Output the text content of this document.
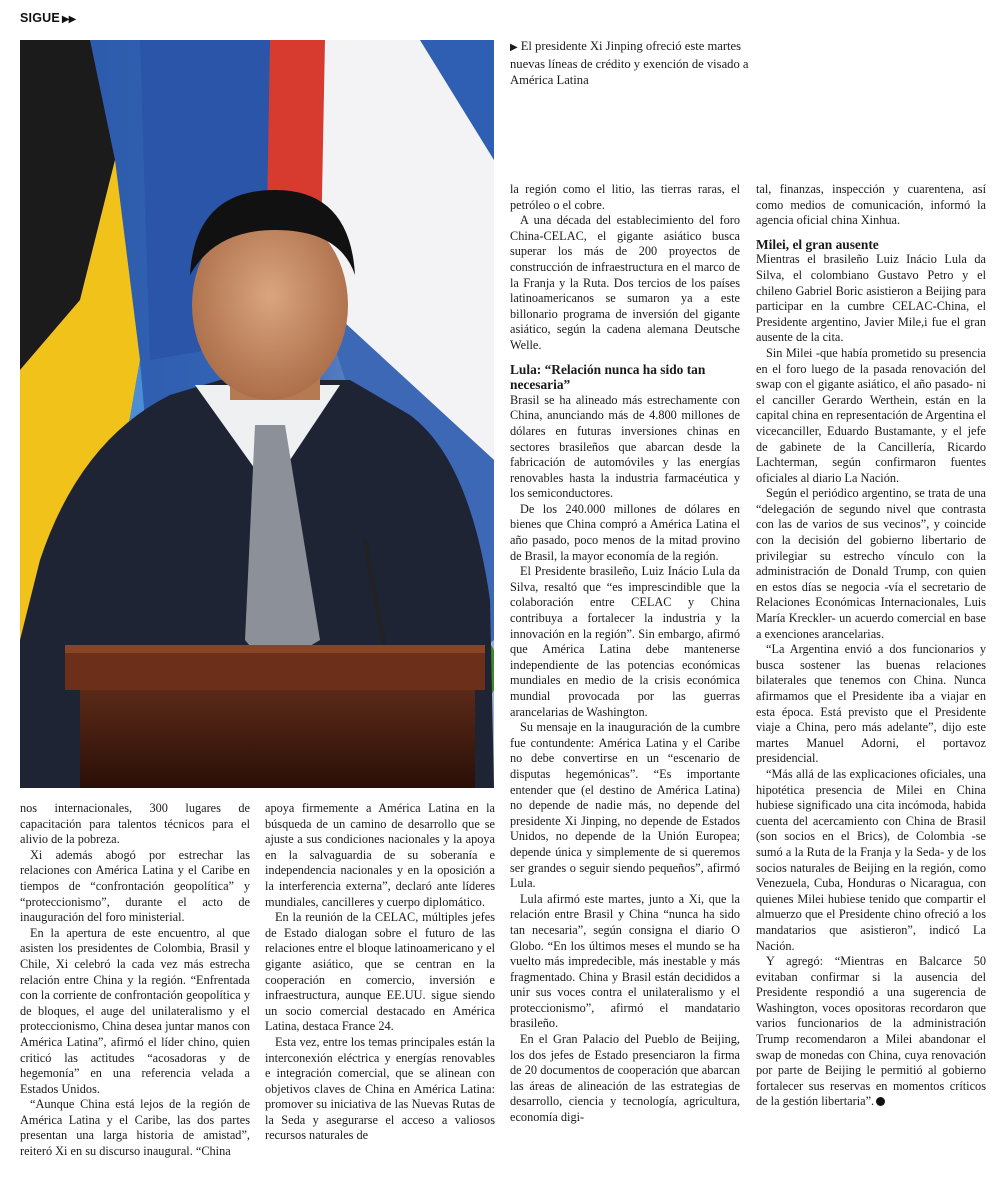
SIGUE ▶▶
▶ El presidente Xi Jinping ofreció este martes nuevas líneas de crédito y exención de visado a América Latina

la región como el litio, las tierras raras, el petróleo o el cobre.

A una década del establecimiento del foro China-CELAC, el gigante asiático busca superar los más de 200 proyectos de construcción de infraestructura en el marco de la Franja y la Ruta. Dos tercios de los países latinoamericanos se sumaron ya a este billonario programa de inversión del gigante asiático, según la cadena alemana Deutsche Welle.

Lula: “Relación nunca ha sido tan necesaria”

Brasil se ha alineado más estrechamente con China, anunciando más de 4.800 millones de dólares en futuras inversiones chinas en sectores brasileños que abarcan desde la fabricación de automóviles y las energías renovables hasta la industria farmacéutica y los semiconductores.

De los 240.000 millones de dólares en bienes que China compró a América Latina el año pasado, poco menos de la mitad provino de Brasil, la mayor economía de la región.

El Presidente brasileño, Luiz Inácio Lula da Silva, resaltó que “es imprescindible que la colaboración entre CELAC y China contribuya a fortalecer la industria y la innovación en la región”. Sin embargo, afirmó que América Latina debe mantenerse independiente de las potencias económicas mundiales en medio de la crisis económica mundial provocada por las guerras arancelarias de Washington.

Su mensaje en la inauguración de la cumbre fue contundente: América Latina y el Caribe no debe convertirse en un “escenario de disputas hegemónicas”. “Es importante entender que (el destino de América Latina) no depende de nadie más, no depende del presidente Xi Jinping, no depende de Estados Unidos, no depende de la Unión Europea; depende única y simplemente de si queremos ser grandes o seguir siendo pequeños”, afirmó Lula.

Lula afirmó este martes, junto a Xi, que la relación entre Brasil y China “nunca ha sido tan necesaria”, según consigna el diario O Globo. “En los últimos meses el mundo se ha vuelto más impredecible, más inestable y más fragmentado. China y Brasil están decididos a unir sus voces contra el unilateralismo y el proteccionismo”, afirmó el mandatario brasileño.

En el Gran Palacio del Pueblo de Beijing, los dos jefes de Estado presenciaron la firma de 20 documentos de cooperación que abarcan las áreas de alineación de las estrategias de desarrollo, ciencia y tecnología, agricultura, economía digi-

tal, finanzas, inspección y cuarentena, así como medios de comunicación, informó la agencia oficial china Xinhua.

Milei, el gran ausente

Mientras el brasileño Luiz Inácio Lula da Silva, el colombiano Gustavo Petro y el chileno Gabriel Boric asistieron a Beijing para participar en la cumbre CELAC-China, el Presidente argentino, Javier Mile,i fue el gran ausente de la cita.

Sin Milei -que había prometido su presencia en el foro luego de la pasada renovación del swap con el gigante asiático, el año pasado- ni el canciller Gerardo Werthein, están en la capital china en representación de Argentina el vicecanciller, Eduardo Bustamante, y el jefe de gabinete de la Cancillería, Ricardo Lachterman, según confirmaron fuentes oficiales al diario La Nación.

Según el periódico argentino, se trata de una “delegación de segundo nivel que contrasta con las de varios de sus vecinos”, y coincide con la decisión del gobierno libertario de privilegiar su estrecho vínculo con la administración de Donald Trump, con quien en estos días se negocia -vía el secretario de Relaciones Económicas Internacionales, Luis María Kreckler- un acuerdo comercial en base a exenciones arancelarias.

“La Argentina envió a dos funcionarios y busca sostener las buenas relaciones bilaterales que tenemos con China. Nunca afirmamos que el Presidente iba a viajar en esta época. Está previsto que el Presidente viaje a China, pero más adelante”, dijo este martes Manuel Adorni, el portavoz presidencial.

“Más allá de las explicaciones oficiales, una hipotética presencia de Milei en China hubiese significado una cita incómoda, habida cuenta del acercamiento con China de Brasil (son socios en el Brics), de Colombia -se sumó a la Ruta de la Franja y la Seda- y de los socios naturales de Beijing en la región, como Venezuela, Cuba, Honduras o Nicaragua, con quienes Milei hubiese tenido que compartir el almuerzo que el Presidente chino ofreció a los mandatarios que asistieron”, indicó La Nación.

Y agregó: “Mientras en Balcarce 50 evitaban confirmar si la ausencia del Presidente respondió a una sugerencia de Washington, voces opositoras recordaron que varios funcionarios de la administración Trump recomendaron a Milei abandonar el swap de monedas con China, cuya renovación por parte de Beijing le permitió al gobierno fortalecer sus reservas en momentos críticos de la gestión libertaria”.

nos internacionales, 300 lugares de capacitación para talentos técnicos para el alivio de la pobreza.

Xi además abogó por estrechar las relaciones con América Latina y el Caribe en tiempos de “confrontación geopolítica” y “proteccionismo”, durante el acto de inauguración del foro ministerial.

En la apertura de este encuentro, al que asisten los presidentes de Colombia, Brasil y Chile, Xi celebró la cada vez más estrecha relación entre China y la región. “Enfrentada con la corriente de confrontación geopolítica y de bloques, el auge del unilateralismo y el proteccionismo, China desea juntar manos con América Latina”, afirmó el líder chino, quien criticó las actitudes “acosadoras y de hegemonía” en una referencia velada a Estados Unidos.

“Aunque China está lejos de la región de América Latina y el Caribe, las dos partes presentan una larga historia de amistad”, reiteró Xi en su discurso inaugural. “China

apoya firmemente a América Latina en la búsqueda de un camino de desarrollo que se ajuste a sus condiciones nacionales y la apoya en la salvaguardia de su soberanía e independencia nacionales y en la oposición a la interferencia externa”, declaró ante líderes mundiales, cancilleres y cuerpo diplomático.

En la reunión de la CELAC, múltiples jefes de Estado dialogan sobre el futuro de las relaciones entre el bloque latinoamericano y el gigante asiático, que se centran en la cooperación en comercio, inversión e infraestructura, aunque EE.UU. sigue siendo un socio comercial destacado en América Latina, destaca France 24.

Esta vez, entre los temas principales están la interconexión eléctrica y energías renovables e integración comercial, que se alinean con objetivos claves de China en América Latina: promover su iniciativa de las Nuevas Rutas de la Seda y asegurarse el acceso a valiosos recursos naturales de
